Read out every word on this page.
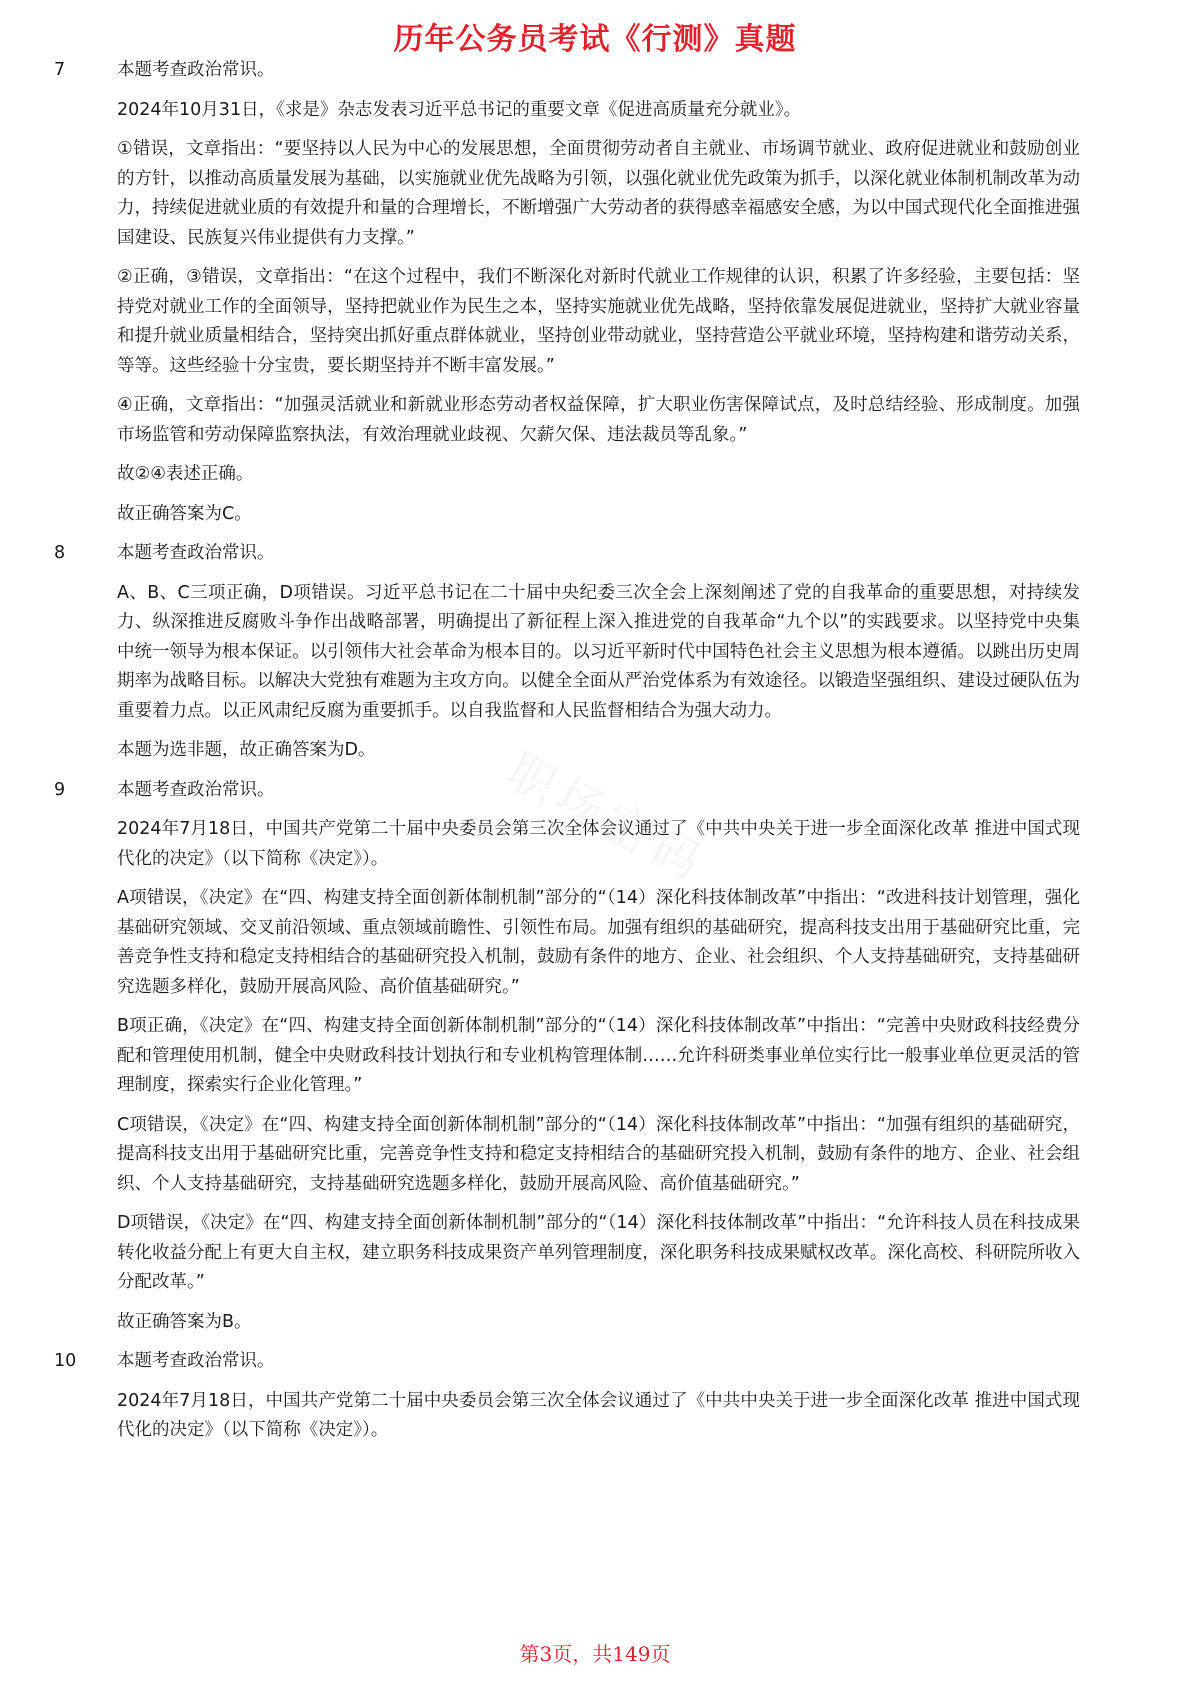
历年公务员考试《行测》真题
职场密码
7	本题考查政治常识。

2024年10月31日，《求是》杂志发表习近平总书记的重要文章《促进高质量充分就业》。

①错误，文章指出：“要坚持以人民为中心的发展思想，全面贯彻劳动者自主就业、市场调节就业、政府促进就业和鼓励创业的方针，以推动高质量发展为基础，以实施就业优先战略为引领，以强化就业优先政策为抓手，以深化就业体制机制改革为动力，持续促进就业质的有效提升和量的合理增长，不断增强广大劳动者的获得感幸福感安全感，为以中国式现代化全面推进强国建设、民族复兴伟业提供有力支撑。”

②正确，③错误，文章指出：“在这个过程中，我们不断深化对新时代就业工作规律的认识，积累了许多经验，主要包括：坚持党对就业工作的全面领导，坚持把就业作为民生之本，坚持实施就业优先战略，坚持依靠发展促进就业，坚持扩大就业容量和提升就业质量相结合，坚持突出抓好重点群体就业，坚持创业带动就业，坚持营造公平就业环境，坚持构建和谐劳动关系，等等。这些经验十分宝贵，要长期坚持并不断丰富发展。”

④正确，文章指出：“加强灵活就业和新就业形态劳动者权益保障，扩大职业伤害保障试点，及时总结经验、形成制度。加强市场监管和劳动保障监察执法，有效治理就业歧视、欠薪欠保、违法裁员等乱象。”

故②④表述正确。

故正确答案为C。

8	本题考查政治常识。

A、B、C三项正确，D项错误。习近平总书记在二十届中央纪委三次全会上深刻阐述了党的自我革命的重要思想，对持续发力、纵深推进反腐败斗争作出战略部署，明确提出了新征程上深入推进党的自我革命“九个以”的实践要求。以坚持党中央集中统一领导为根本保证。以引领伟大社会革命为根本目的。以习近平新时代中国特色社会主义思想为根本遵循。以跳出历史周期率为战略目标。以解决大党独有难题为主攻方向。以健全全面从严治党体系为有效途径。以锻造坚强组织、建设过硬队伍为重要着力点。以正风肃纪反腐为重要抓手。以自我监督和人民监督相结合为强大动力。

本题为选非题，故正确答案为D。

9	本题考查政治常识。

2024年7月18日，中国共产党第二十届中央委员会第三次全体会议通过了《中共中央关于进一步全面深化改革 推进中国式现代化的决定》（以下简称《决定》）。

A项错误，《决定》在“四、构建支持全面创新体制机制”部分的“（14）深化科技体制改革”中指出：“改进科技计划管理，强化基础研究领域、交叉前沿领域、重点领域前瞻性、引领性布局。加强有组织的基础研究，提高科技支出用于基础研究比重，完善竞争性支持和稳定支持相结合的基础研究投入机制，鼓励有条件的地方、企业、社会组织、个人支持基础研究，支持基础研究选题多样化，鼓励开展高风险、高价值基础研究。”

B项正确，《决定》在“四、构建支持全面创新体制机制”部分的“（14）深化科技体制改革”中指出：“完善中央财政科技经费分配和管理使用机制，健全中央财政科技计划执行和专业机构管理体制……允许科研类事业单位实行比一般事业单位更灵活的管理制度，探索实行企业化管理。”

C项错误，《决定》在“四、构建支持全面创新体制机制”部分的“（14）深化科技体制改革”中指出：“加强有组织的基础研究，提高科技支出用于基础研究比重，完善竞争性支持和稳定支持相结合的基础研究投入机制，鼓励有条件的地方、企业、社会组织、个人支持基础研究，支持基础研究选题多样化，鼓励开展高风险、高价值基础研究。”

D项错误，《决定》在“四、构建支持全面创新体制机制”部分的“（14）深化科技体制改革”中指出：“允许科技人员在科技成果转化收益分配上有更大自主权，建立职务科技成果资产单列管理制度，深化职务科技成果赋权改革。深化高校、科研院所收入分配改革。”

故正确答案为B。

10	本题考查政治常识。

2024年7月18日，中国共产党第二十届中央委员会第三次全体会议通过了《中共中央关于进一步全面深化改革 推进中国式现代化的决定》（以下简称《决定》）。

第3页，共149页
